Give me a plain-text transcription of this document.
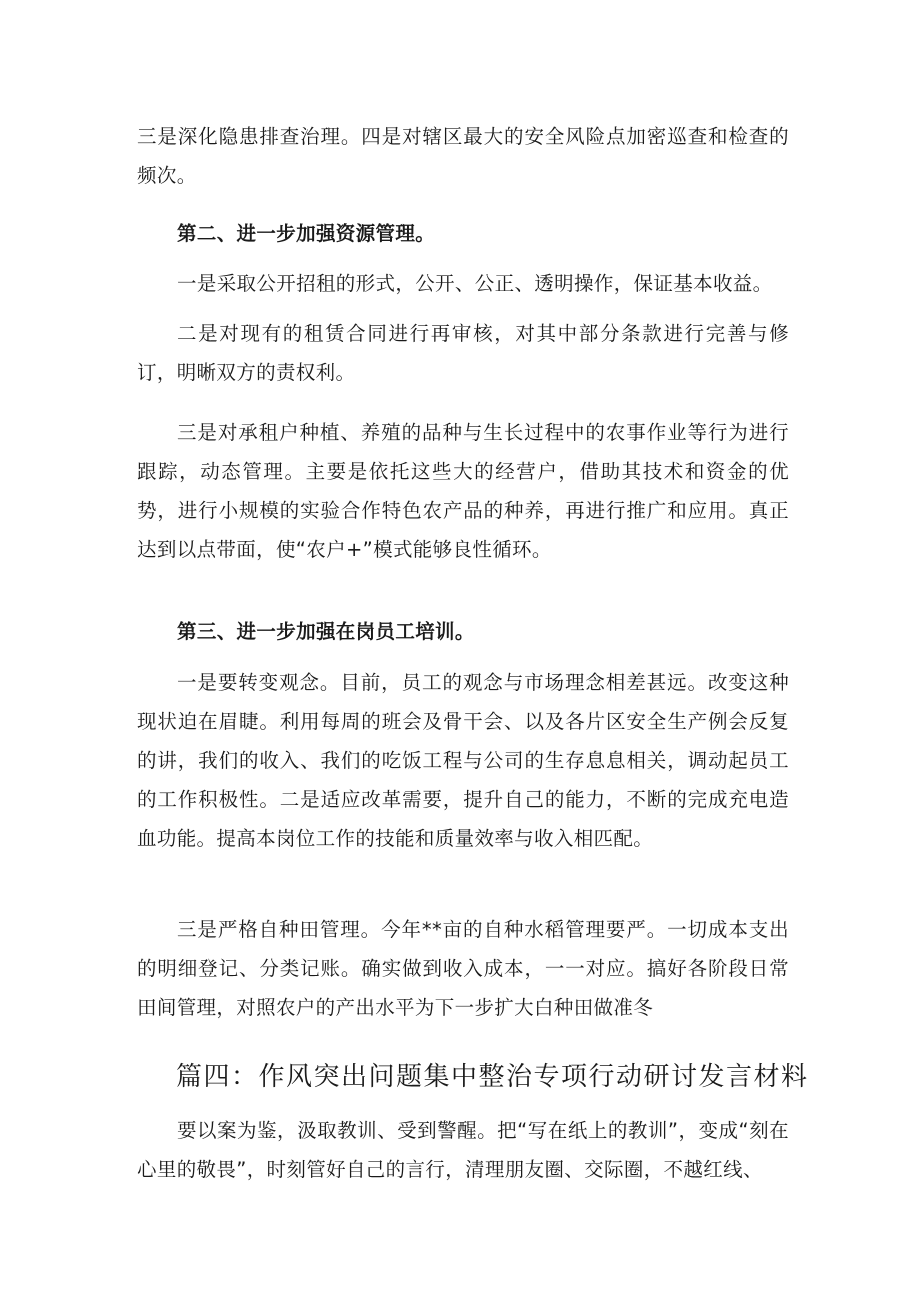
三是深化隐患排查治理。四是对辖区最大的安全风险点加密巡查和检查的频次。

第二、进一步加强资源管理。

一是采取公开招租的形式，公开、公正、透明操作，保证基本收益。

二是对现有的租赁合同进行再审核，对其中部分条款进行完善与修订，明晰双方的责权利。

三是对承租户种植、养殖的品种与生长过程中的农事作业等行为进行跟踪，动态管理。主要是依托这些大的经营户，借助其技术和资金的优势，进行小规模的实验合作特色农产品的种养，再进行推广和应用。真正达到以点带面，使“农户+”模式能够良性循环。

第三、进一步加强在岗员工培训。

一是要转变观念。目前，员工的观念与市场理念相差甚远。改变这种现状迫在眉睫。利用每周的班会及骨干会、以及各片区安全生产例会反复的讲，我们的收入、我们的吃饭工程与公司的生存息息相关，调动起员工的工作积极性。二是适应改革需要，提升自己的能力，不断的完成充电造血功能。提高本岗位工作的技能和质量效率与收入相匹配。

三是严格自种田管理。今年**亩的自种水稻管理要严。一切成本支出的明细登记、分类记账。确实做到收入成本，一一对应。搞好各阶段日常田间管理，对照农户的产出水平为下一步扩大白种田做准冬

篇四：作风突出问题集中整治专项行动研讨发言材料

要以案为鉴，汲取教训、受到警醒。把“写在纸上的教训”，变成“刻在心里的敬畏”，时刻管好自己的言行，清理朋友圈、交际圈，不越红线、
